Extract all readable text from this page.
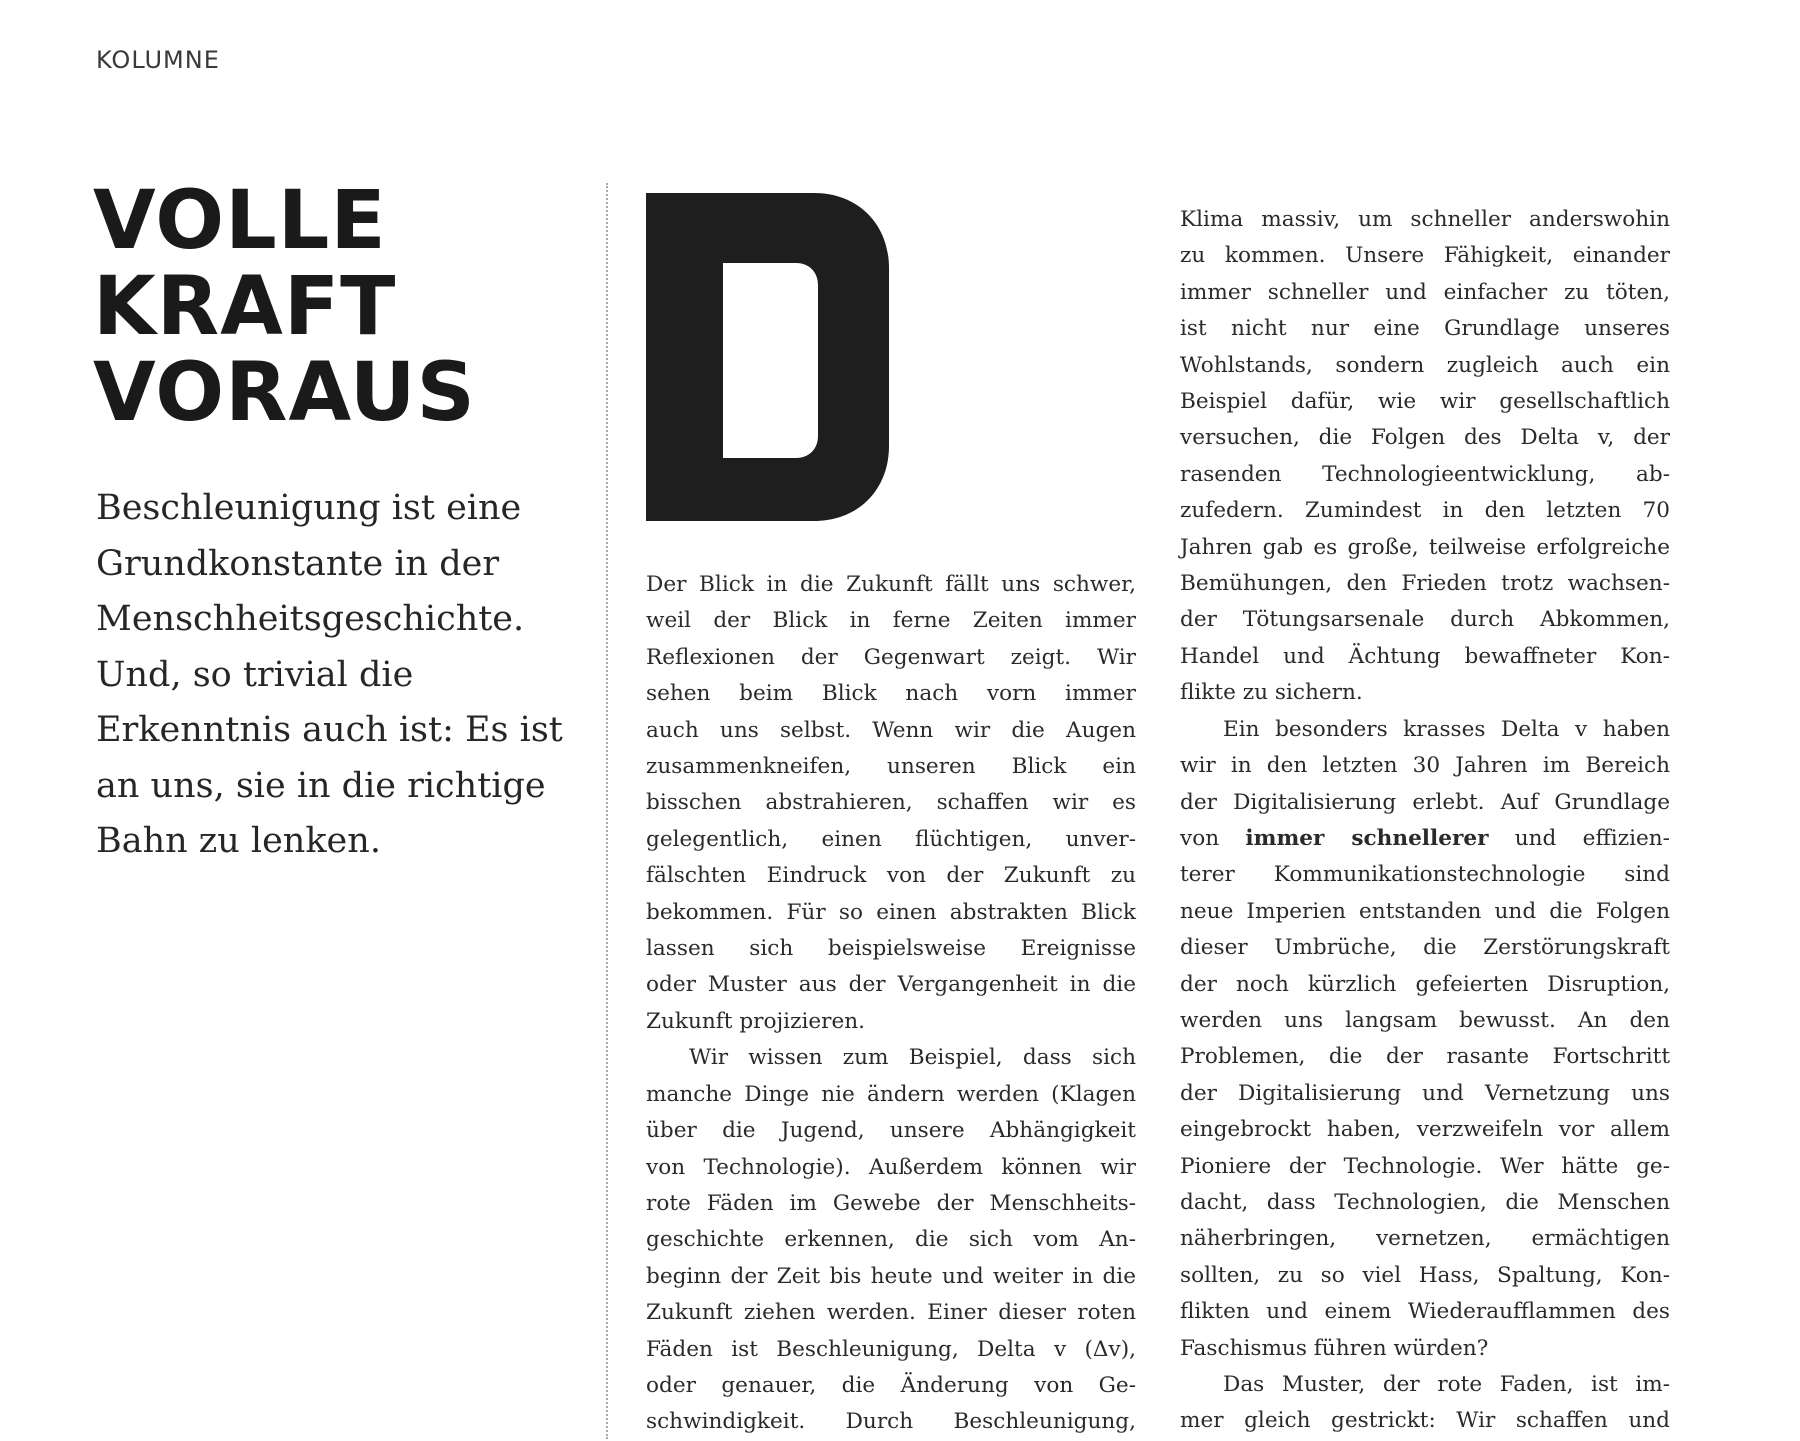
KOLUMNE
VOLLE
KRAFT
VORAUS

Beschleunigung ist eine
Grundkonstante in der
Menschheitsgeschichte.
Und, so trivial die
Erkenntnis auch ist: Es ist
an uns, sie in die richtige
Bahn zu lenken.

Der Blick in die Zukunft fällt uns schwer,
weil der Blick in ferne Zeiten immer
Reflexionen der Gegenwart zeigt. Wir
sehen beim Blick nach vorn immer
auch uns selbst. Wenn wir die Augen
zusammenkneifen, unseren Blick ein
bisschen abstrahieren, schaffen wir es
gelegentlich, einen flüchtigen, unver-
fälschten Eindruck von der Zukunft zu
bekommen. Für so einen abstrakten Blick
lassen sich beispielsweise Ereignisse
oder Muster aus der Vergangenheit in die
Zukunft projizieren.

Wir wissen zum Beispiel, dass sich
manche Dinge nie ändern werden (Klagen
über die Jugend, unsere Abhängigkeit
von Technologie). Außerdem können wir
rote Fäden im Gewebe der Menschheits-
geschichte erkennen, die sich vom An-
beginn der Zeit bis heute und weiter in die
Zukunft ziehen werden. Einer dieser roten
Fäden ist Beschleunigung, Delta v (Δv),
oder genauer, die Änderung von Ge-
schwindigkeit. Durch Beschleunigung,

Klima massiv, um schneller anderswohin
zu kommen. Unsere Fähigkeit, einander
immer schneller und einfacher zu töten,
ist nicht nur eine Grundlage unseres
Wohlstands, sondern zugleich auch ein
Beispiel dafür, wie wir gesellschaftlich
versuchen, die Folgen des Delta v, der
rasenden Technologieentwicklung, ab-
zufedern. Zumindest in den letzten 70
Jahren gab es große, teilweise erfolgreiche
Bemühungen, den Frieden trotz wachsen-
der Tötungsarsenale durch Abkommen,
Handel und Ächtung bewaffneter Kon-
flikte zu sichern.

Ein besonders krasses Delta v haben
wir in den letzten 30 Jahren im Bereich
der Digitalisierung erlebt. Auf Grundlage
von immer schnellerer und effizien-
terer Kommunikationstechnologie sind
neue Imperien entstanden und die Folgen
dieser Umbrüche, die Zerstörungskraft
der noch kürzlich gefeierten Disruption,
werden uns langsam bewusst. An den
Problemen, die der rasante Fortschritt
der Digitalisierung und Vernetzung uns
eingebrockt haben, verzweifeln vor allem
Pioniere der Technologie. Wer hätte ge-
dacht, dass Technologien, die Menschen
näherbringen, vernetzen, ermächtigen
sollten, zu so viel Hass, Spaltung, Kon-
flikten und einem Wiederaufflammen des
Faschismus führen würden?

Das Muster, der rote Faden, ist im-
mer gleich gestrickt: Wir schaffen und
